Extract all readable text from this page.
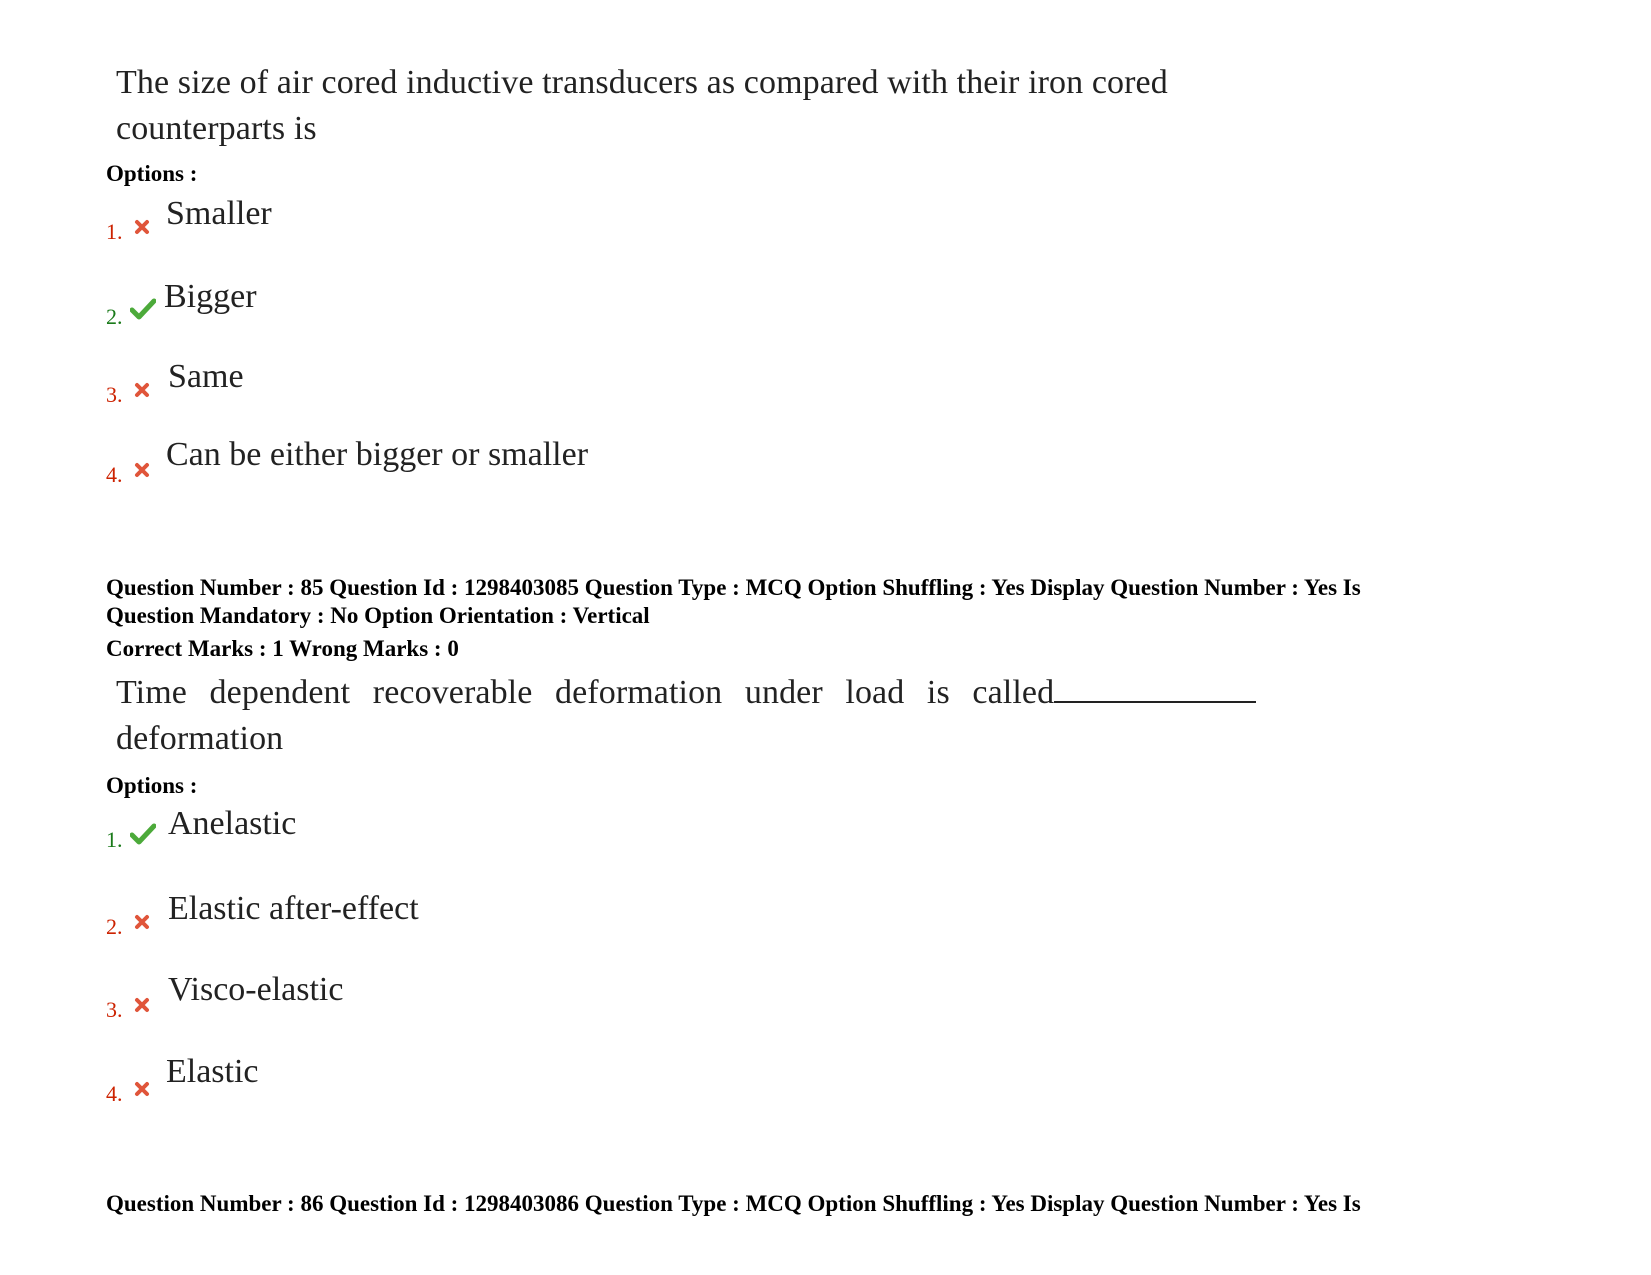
The size of air cored inductive transducers as compared with their iron cored
counterparts is
Options :
1. Smaller
2.
Bigger
3. Same
4.
Can be either bigger or smaller
Question Number : 85 Question Id : 1298403085 Question Type : MCQ Option Shuffling : Yes Display Question Number : Yes Is
Question Mandatory : No Option Orientation : Vertical
Correct Marks : 1 Wrong Marks : 0
Time dependent recoverable deformation under load is called
deformation
Options :
1. Anelastic
2. Elastic after-effect
3.
Visco-elastic
4.
Elastic
Question Number : 86 Question Id : 1298403086 Question Type : MCQ Option Shuffling : Yes Display Question Number : Yes Is
